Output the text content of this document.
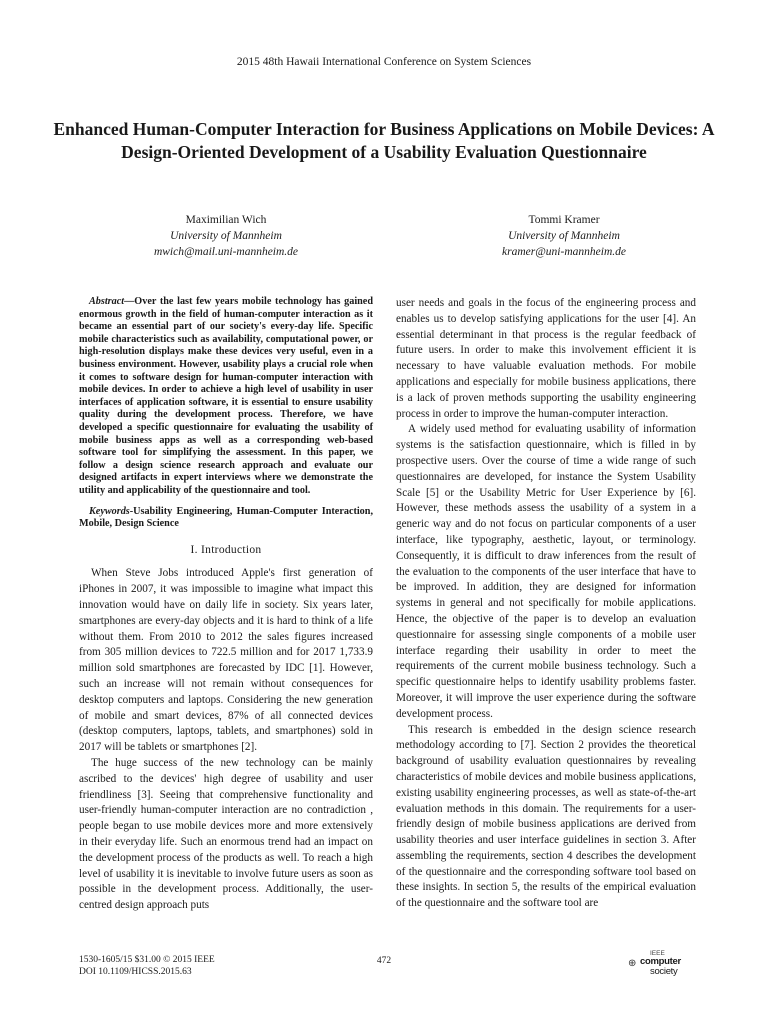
2015 48th Hawaii International Conference on System Sciences
Enhanced Human-Computer Interaction for Business Applications on Mobile Devices: A Design-Oriented Development of a Usability Evaluation Questionnaire
Maximilian Wich
University of Mannheim
mwich@mail.uni-mannheim.de
Tommi Kramer
University of Mannheim
kramer@uni-mannheim.de

Abstract—Over the last few years mobile technology has gained enormous growth in the field of human-computer interaction as it became an essential part of our society's every-day life. Specific mobile characteristics such as availability, computational power, or high-resolution displays make these devices very useful, even in a business environment. However, usability plays a crucial role when it comes to software design for human-computer interaction with mobile devices. In order to achieve a high level of usability in user interfaces of application software, it is essential to ensure usability quality during the development process. Therefore, we have developed a specific questionnaire for evaluating the usability of mobile business apps as well as a corresponding web-based software tool for simplifying the assessment. In this paper, we follow a design science research approach and evaluate our designed artifacts in expert interviews where we demonstrate the utility and applicability of the questionnaire and tool.

Keywords-Usability Engineering, Human-Computer Interaction, Mobile, Design Science

I. Introduction

When Steve Jobs introduced Apple's first generation of iPhones in 2007, it was impossible to imagine what impact this innovation would have on daily life in society. Six years later, smartphones are every-day objects and it is hard to think of a life without them. From 2010 to 2012 the sales figures increased from 305 million devices to 722.5 million and for 2017 1,733.9 million sold smartphones are forecasted by IDC [1]. However, such an increase will not remain without consequences for desktop computers and laptops. Considering the new generation of mobile and smart devices, 87% of all connected devices (desktop computers, laptops, tablets, and smartphones) sold in 2017 will be tablets or smartphones [2].

The huge success of the new technology can be mainly ascribed to the devices' high degree of usability and user friendliness [3]. Seeing that comprehensive functionality and user-friendly human-computer interaction are no contradiction , people began to use mobile devices more and more extensively in their everyday life. Such an enormous trend had an impact on the development process of the products as well. To reach a high level of usability it is inevitable to involve future users as soon as possible in the development process. Additionally, the user-centred design approach puts

user needs and goals in the focus of the engineering process and enables us to develop satisfying applications for the user [4]. An essential determinant in that process is the regular feedback of future users. In order to make this involvement efficient it is necessary to have valuable evaluation methods. For mobile applications and especially for mobile business applications, there is a lack of proven methods supporting the usability engineering process in order to improve the human-computer interaction.

A widely used method for evaluating usability of information systems is the satisfaction questionnaire, which is filled in by prospective users. Over the course of time a wide range of such questionnaires are developed, for instance the System Usability Scale [5] or the Usability Metric for User Experience by [6]. However, these methods assess the usability of a system in a generic way and do not focus on particular components of a user interface, like typography, aesthetic, layout, or terminology. Consequently, it is difficult to draw inferences from the result of the evaluation to the components of the user interface that have to be improved. In addition, they are designed for information systems in general and not specifically for mobile applications. Hence, the objective of the paper is to develop an evaluation questionnaire for assessing single components of a mobile user interface regarding their usability in order to meet the requirements of the current mobile business technology. Such a specific questionnaire helps to identify usability problems faster. Moreover, it will improve the user experience during the software development process.

This research is embedded in the design science research methodology according to [7]. Section 2 provides the theoretical background of usability evaluation questionnaires by revealing characteristics of mobile devices and mobile business applications, existing usability engineering processes, as well as state-of-the-art evaluation methods in this domain. The requirements for a user-friendly design of mobile business applications are derived from usability theories and user interface guidelines in section 3. After assembling the requirements, section 4 describes the development of the questionnaire and the corresponding software tool based on these insights. In section 5, the results of the empirical evaluation of the questionnaire and the software tool are

1530-1605/15 $31.00 © 2015 IEEE
DOI 10.1109/HICSS.2015.63
472
IEEE
⊕ computer
society
